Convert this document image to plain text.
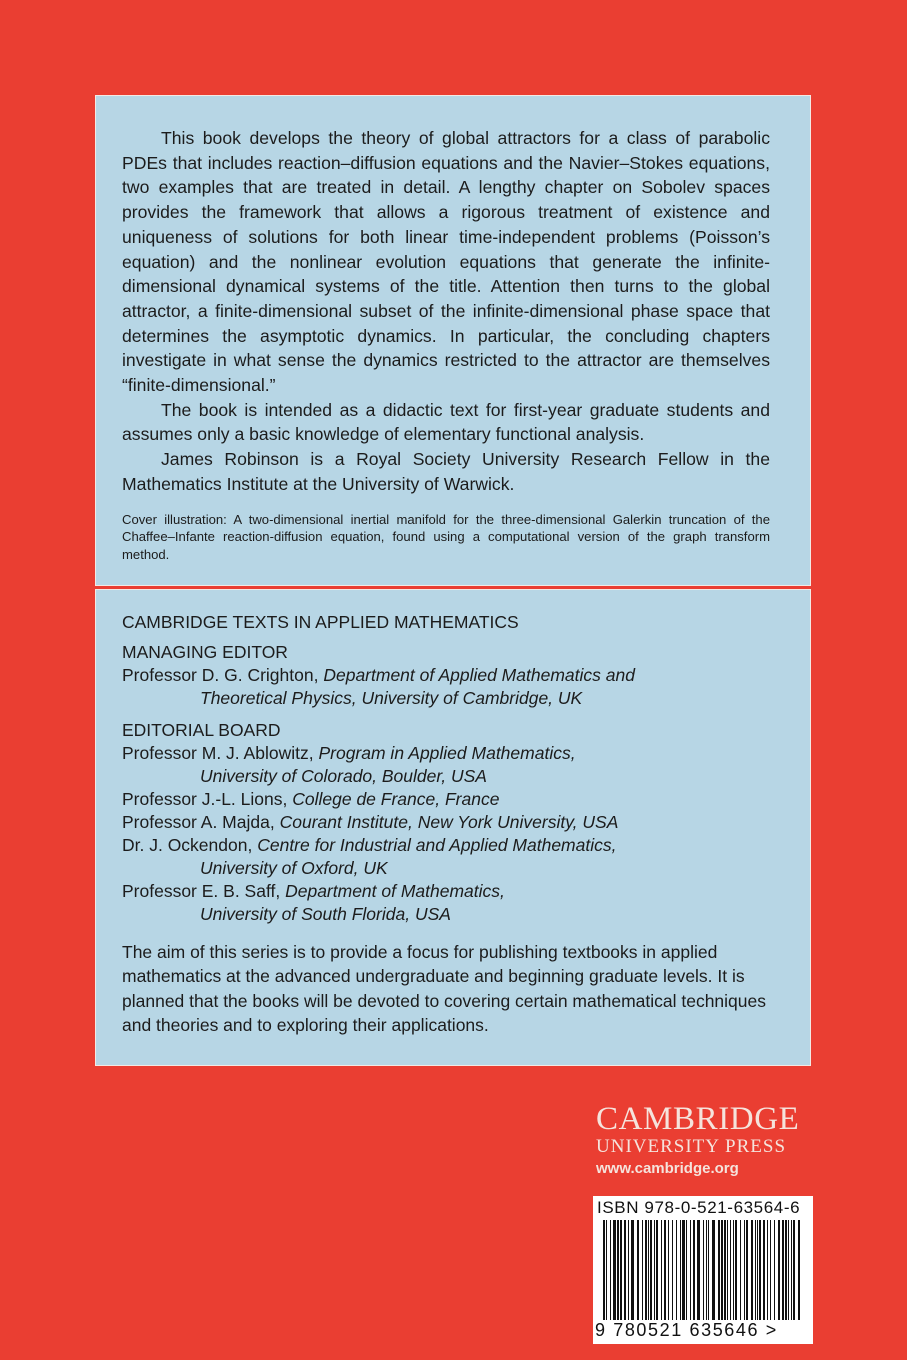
This book develops the theory of global attractors for a class of parabolic PDEs that includes reaction–diffusion equations and the Navier–Stokes equations, two examples that are treated in detail. A lengthy chapter on Sobolev spaces provides the framework that allows a rigorous treatment of existence and uniqueness of solutions for both linear time-independent problems (Poisson’s equation) and the nonlinear evolution equations that generate the infinite-dimensional dynamical systems of the title. Attention then turns to the global attractor, a finite-dimensional subset of the infinite-dimensional phase space that determines the asymptotic dynamics. In particular, the concluding chapters investigate in what sense the dynamics restricted to the attractor are themselves “finite-dimensional.”

The book is intended as a didactic text for first-year graduate students and assumes only a basic knowledge of elementary functional analysis.

James Robinson is a Royal Society University Research Fellow in the Mathematics Institute at the University of Warwick.

Cover illustration: A two-dimensional inertial manifold for the three-dimensional Galerkin truncation of the Chaffee–Infante reaction-diffusion equation, found using a computational version of the graph transform method.

CAMBRIDGE TEXTS IN APPLIED MATHEMATICS

MANAGING EDITOR

Professor D. G. Crighton, Department of Applied Mathematics and
Theoretical Physics, University of Cambridge, UK

EDITORIAL BOARD

Professor M. J. Ablowitz, Program in Applied Mathematics,
University of Colorado, Boulder, USA
Professor J.-L. Lions, College de France, France
Professor A. Majda, Courant Institute, New York University, USA
Dr. J. Ockendon, Centre for Industrial and Applied Mathematics,
University of Oxford, UK
Professor E. B. Saff, Department of Mathematics,
University of South Florida, USA

The aim of this series is to provide a focus for publishing textbooks in applied mathematics at the advanced undergraduate and beginning graduate levels. It is planned that the books will be devoted to covering certain mathematical techniques and theories and to exploring their applications.

CAMBRIDGE
UNIVERSITY PRESS
www.cambridge.org
ISBN 978-0-521-63564-6
9 780521 635646 >
